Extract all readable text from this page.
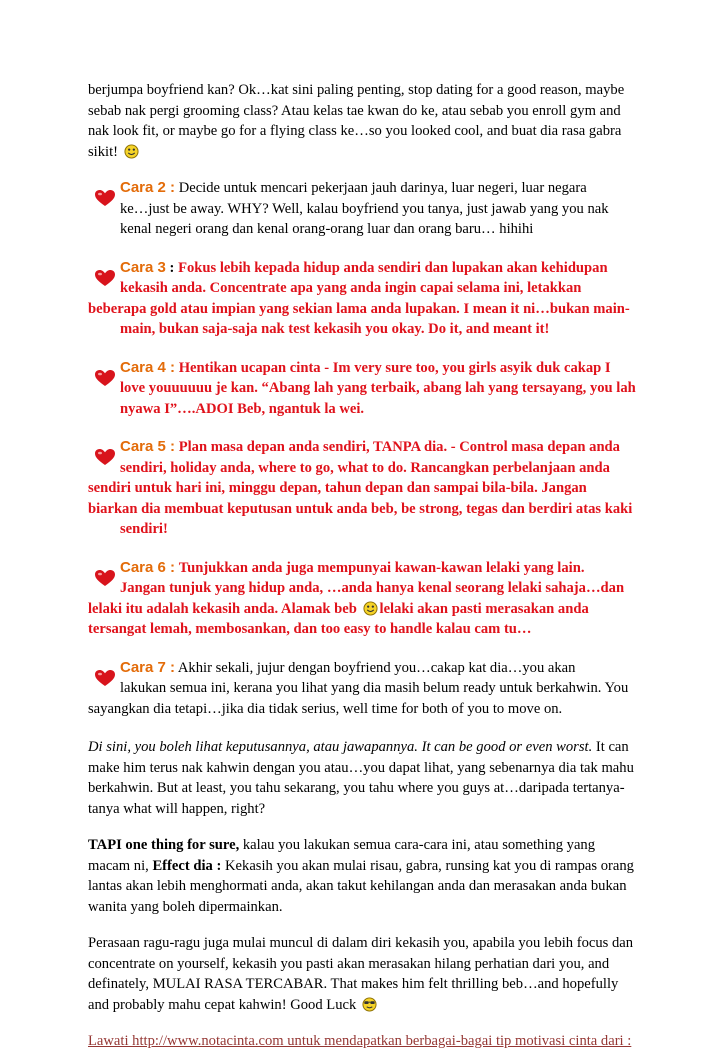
berjumpa boyfriend kan? Ok…kat sini paling penting, stop dating for a good reason, maybe

sebab nak pergi grooming class? Atau kelas tae kwan do ke, atau sebab you enroll gym and

nak look fit, or maybe go for a flying class ke…so you looked cool, and buat dia rasa gabra

sikit!

Cara 2 : Decide untuk mencari pekerjaan jauh darinya, luar negeri, luar negara

ke…just be away. WHY? Well, kalau boyfriend you tanya, just jawab yang you nak

kenal negeri orang dan kenal orang-orang luar dan orang baru… hihihi

Cara 3 : Fokus lebih kepada hidup anda sendiri dan lupakan akan kehidupan

kekasih anda. Concentrate apa yang anda ingin capai selama ini, letakkan

beberapa gold atau impian yang sekian lama anda lupakan. I mean it ni…bukan main-

main, bukan saja-saja nak test kekasih you okay. Do it, and meant it!

Cara 4 : Hentikan ucapan cinta - Im very sure too, you girls asyik duk cakap I

love youuuuuu je kan. “Abang lah yang terbaik, abang lah yang tersayang, you lah

nyawa I”….ADOI Beb, ngantuk la wei.

Cara 5 : Plan masa depan anda sendiri, TANPA dia. - Control masa depan anda

sendiri, holiday anda, where to go, what to do. Rancangkan perbelanjaan anda

sendiri untuk hari ini, minggu depan, tahun depan dan sampai bila-bila. Jangan

biarkan dia membuat keputusan untuk anda beb, be strong, tegas dan berdiri atas kaki

sendiri!

Cara 6 : Tunjukkan anda juga mempunyai kawan-kawan lelaki yang lain.

Jangan tunjuk yang hidup anda, …anda hanya kenal seorang lelaki sahaja…dan

lelaki itu adalah kekasih anda. Alamak beb lelaki akan pasti merasakan anda

tersangat lemah, membosankan, dan too easy to handle kalau cam tu…

Cara 7 : Akhir sekali, jujur dengan boyfriend you…cakap kat dia…you akan

lakukan semua ini, kerana you lihat yang dia masih belum ready untuk berkahwin. You

sayangkan dia tetapi…jika dia tidak serius, well time for both of you to move on.

Di sini, you boleh lihat keputusannya, atau jawapannya. It can be good or even worst. It can

make him terus nak kahwin dengan you atau…you dapat lihat, yang sebenarnya dia tak mahu

berkahwin. But at least, you tahu sekarang, you tahu where you guys at…daripada tertanya-

tanya what will happen, right?

TAPI one thing for sure, kalau you lakukan semua cara-cara ini, atau something yang

macam ni, Effect dia : Kekasih you akan mulai risau, gabra, runsing kat you di rampas orang

lantas akan lebih menghormati anda, akan takut kehilangan anda dan merasakan anda bukan

wanita yang boleh dipermainkan.

Perasaan ragu-ragu juga mulai muncul di dalam diri kekasih you, apabila you lebih focus dan

concentrate on yourself, kekasih you pasti akan merasakan hilang perhatian dari you, and

definately, MULAI RASA TERCABAR. That makes him felt thrilling beb…and hopefully

and probably mahu cepat kahwin! Good Luck

Lawati http://www.notacinta.com untuk mendapatkan berbagai-bagai tip motivasi cinta dari :
